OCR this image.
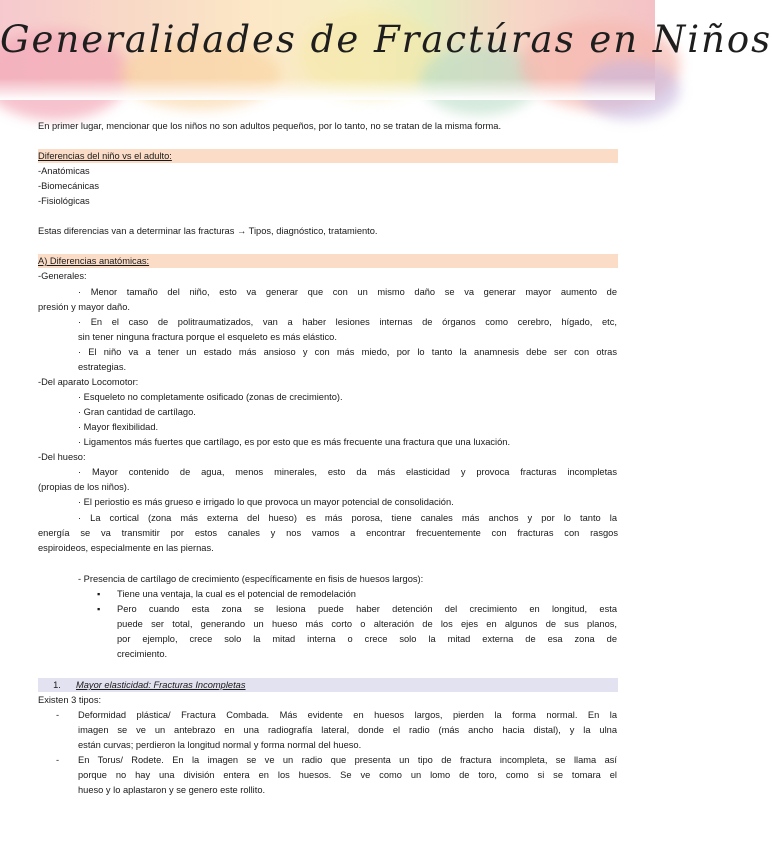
Generalidades de Fractúras en Niños
En primer lugar, mencionar que los niños no son adultos pequeños, por lo tanto, no se tratan de la misma forma.
Diferencias del niño vs el adulto:
-Anatómicas
-Biomecánicas
-Fisiológicas
Estas diferencias van a determinar las fracturas → Tipos, diagnóstico, tratamiento.
A) Diferencias anatómicas:
-Generales:
· Menor tamaño del niño, esto va generar que con un mismo daño se va generar mayor aumento de
presión y mayor daño.
· En el caso de politraumatizados, van a haber lesiones internas de órganos como cerebro, hígado, etc,
sin tener ninguna fractura porque el esqueleto es más elástico.
· El niño va a tener un estado más ansioso y con más miedo, por lo tanto la anamnesis debe ser con otras
estrategias.
-Del aparato Locomotor:
· Esqueleto no completamente osificado (zonas de crecimiento).
· Gran cantidad de cartílago.
· Mayor flexibilidad.
· Ligamentos más fuertes que cartílago, es por esto que es más frecuente una fractura que una luxación.
-Del hueso:
· Mayor contenido de agua, menos minerales, esto da más elasticidad y provoca fracturas incompletas
(propias de los niños).
· El periostio es más grueso e irrigado lo que provoca un mayor potencial de consolidación.
· La cortical (zona más externa del hueso) es más porosa, tiene canales más anchos y por lo tanto la
energía se va transmitir por estos canales y nos vamos a encontrar frecuentemente con fracturas con rasgos
espiroideos, especialmente en las piernas.
- Presencia de cartílago de crecimiento (específicamente en fisis de huesos largos):
▪	Tiene una ventaja, la cual es el potencial de remodelación
▪	Pero cuando esta zona se lesiona puede haber detención del crecimiento en longitud, esta
puede ser total, generando un hueso más corto o alteración de los ejes en algunos de sus planos,
por ejemplo, crece solo la mitad interna o crece solo la mitad externa de esa zona de
crecimiento.
1. Mayor elasticidad: Fracturas Incompletas
Existen 3 tipos:
-	Deformidad plástica/ Fractura Combada. Más evidente en huesos largos, pierden la forma normal. En la
imagen se ve un antebrazo en una radiografía lateral, donde el radio (más ancho hacia distal), y la ulna
están curvas; perdieron la longitud normal y forma normal del hueso.
-	En Torus/ Rodete. En la imagen se ve un radio que presenta un tipo de fractura incompleta, se llama así
porque no hay una división entera en los huesos. Se ve como un lomo de toro, como si se tomara el
hueso y lo aplastaron y se genero este rollito.
